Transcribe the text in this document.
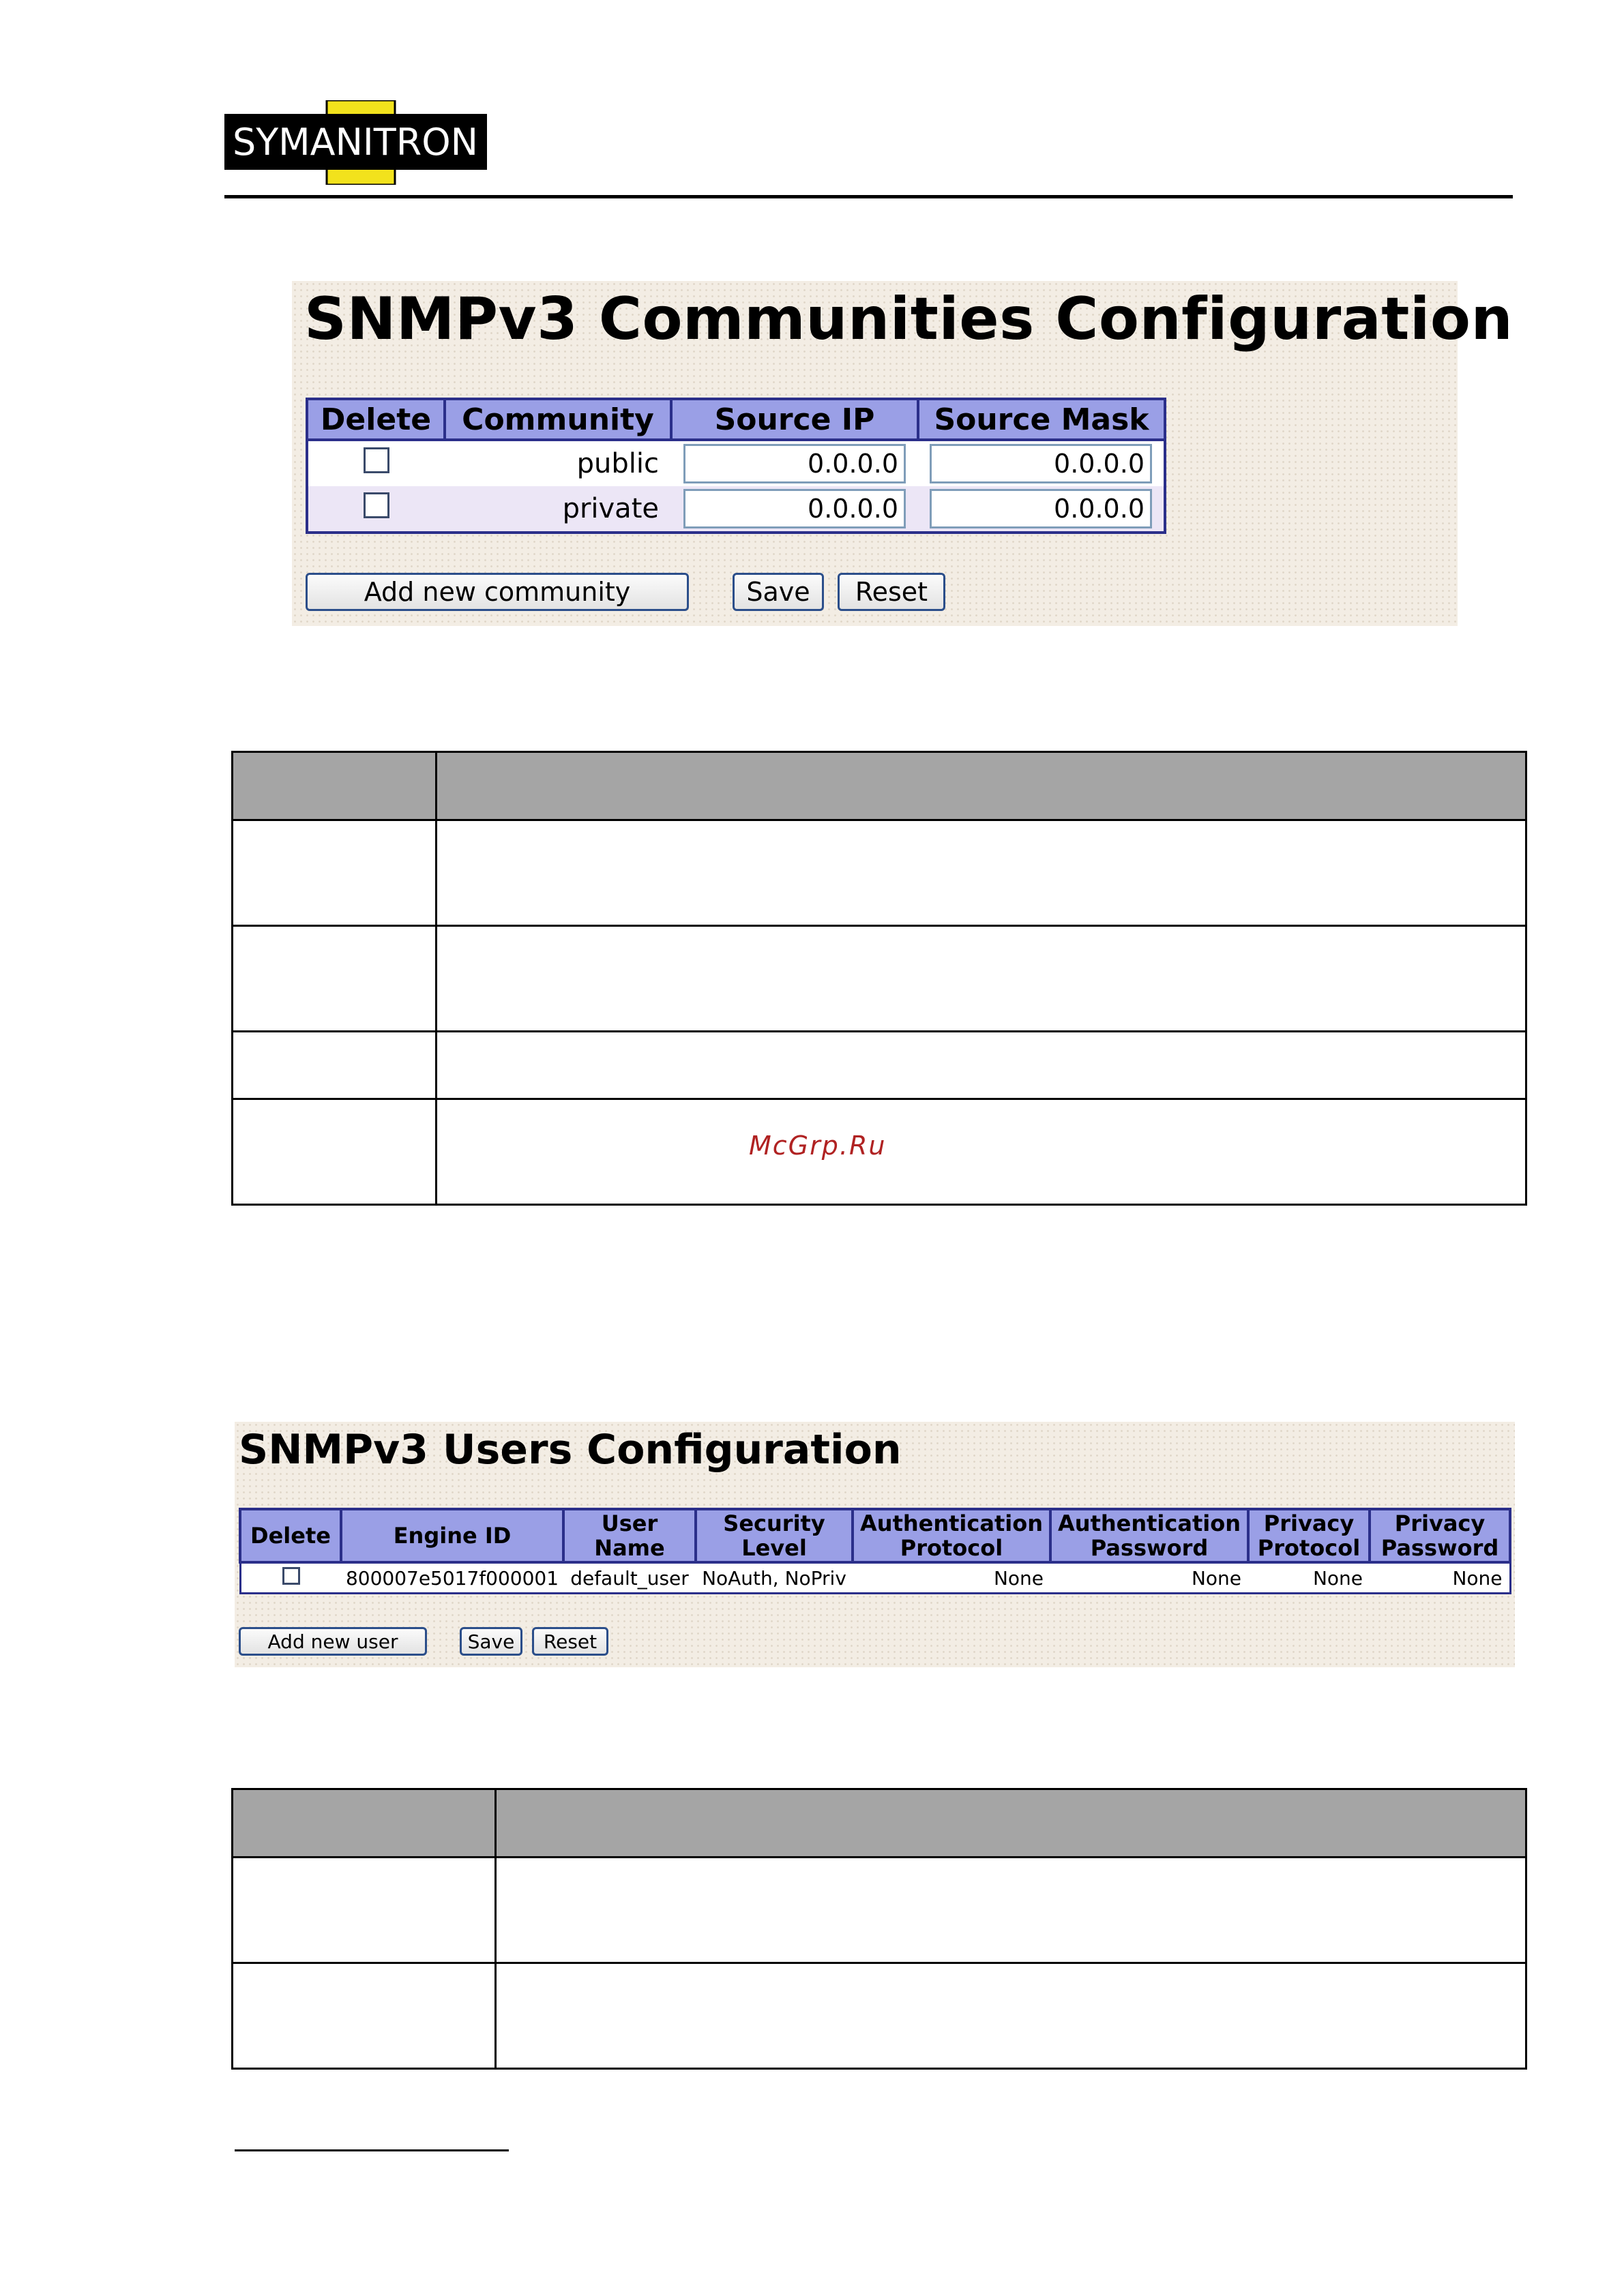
SYMANITRON
SNMPv3 Communities Configuration
Delete	Community	Source IP	Source Mask
	public	0.0.0.0	0.0.0.0
	private	0.0.0.0	0.0.0.0
Add new community	Save	Reset

McGrp.Ru
SNMPv3 Users Configuration
Delete	Engine ID	User Name	Security Level	Authentication Protocol	Authentication Password	Privacy Protocol	Privacy Password
	800007e5017f000001	default_user	NoAuth, NoPriv	None	None	None	None
Add new user	Save	Reset
